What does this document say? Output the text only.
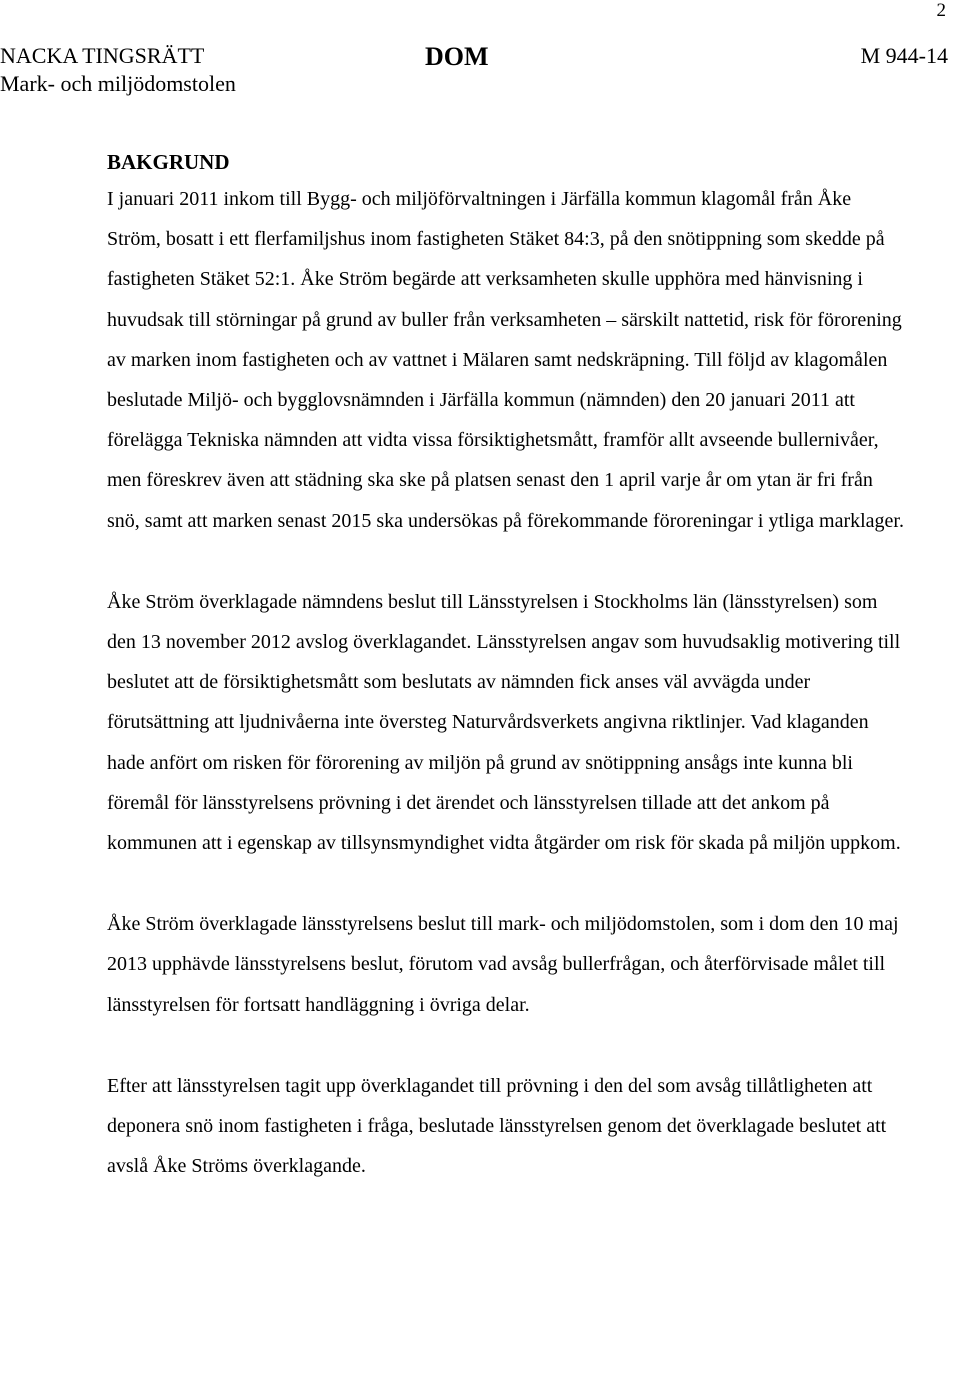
2
NACKA TINGSRÄTT
Mark- och miljödomstolen
DOM	M 944-14
BAKGRUND

I januari 2011 inkom till Bygg- och miljöförvaltningen i Järfälla kommun klagomål från Åke Ström, bosatt i ett flerfamiljshus inom fastigheten Stäket 84:3, på den snötippning som skedde på fastigheten Stäket 52:1. Åke Ström begärde att verksamheten skulle upphöra med hänvisning i huvudsak till störningar på grund av buller från verksamheten – särskilt nattetid, risk för förorening av marken inom fastigheten och av vattnet i Mälaren samt nedskräpning. Till följd av klagomålen beslutade Miljö- och bygglovsnämnden i Järfälla kommun (nämnden) den 20 januari 2011 att förelägga Tekniska nämnden att vidta vissa försiktighetsmått, framför allt avseende bullernivåer, men föreskrev även att städning ska ske på platsen senast den 1 april varje år om ytan är fri från snö, samt att marken senast 2015 ska undersökas på förekommande föroreningar i ytliga marklager.

Åke Ström överklagade nämndens beslut till Länsstyrelsen i Stockholms län (länsstyrelsen) som den 13 november 2012 avslog överklagandet. Länsstyrelsen angav som huvudsaklig motivering till beslutet att de försiktighetsmått som beslutats av nämnden fick anses väl avvägda under förutsättning att ljudnivåerna inte översteg Naturvårdsverkets angivna riktlinjer. Vad klaganden hade anfört om risken för förorening av miljön på grund av snötippning ansågs inte kunna bli föremål för länsstyrelsens prövning i det ärendet och länsstyrelsen tillade att det ankom på kommunen att i egenskap av tillsynsmyndighet vidta åtgärder om risk för skada på miljön uppkom.

Åke Ström överklagade länsstyrelsens beslut till mark- och miljödomstolen, som i dom den 10 maj 2013 upphävde länsstyrelsens beslut, förutom vad avsåg bullerfrågan, och återförvisade målet till länsstyrelsen för fortsatt handläggning i övriga delar.

Efter att länsstyrelsen tagit upp överklagandet till prövning i den del som avsåg tillåtligheten att deponera snö inom fastigheten i fråga, beslutade länsstyrelsen genom det överklagade beslutet att avslå Åke Ströms överklagande.
